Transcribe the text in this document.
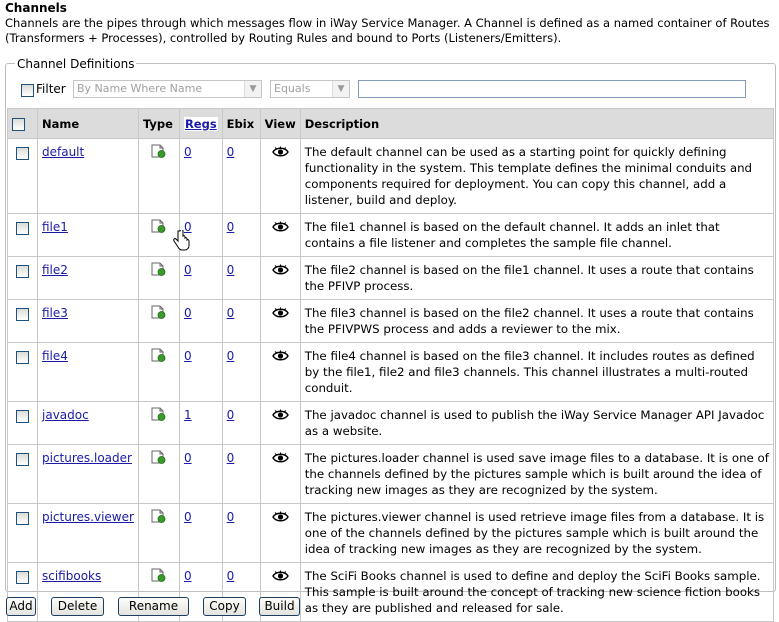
Channels
Channels are the pipes through which messages flow in iWay Service Manager. A Channel is defined as a named container of Routes (Transformers + Processes), controlled by Routing Rules and bound to Ports (Listeners/Emitters).
Channel Definitions
Filter	By Name Where Name	▼	Equals	▼
	Name	Type	Regs	Ebix	View	Description
	default		0	0		The default channel can be used as a starting point for quickly defining functionality in the system. This template defines the minimal conduits and components required for deployment. You can copy this channel, add a listener, build and deploy.
	file1		0	0		The file1 channel is based on the default channel. It adds an inlet that contains a file listener and completes the sample file channel.
	file2		0	0		The file2 channel is based on the file1 channel. It uses a route that contains the PFIVP process.
	file3		0	0		The file3 channel is based on the file2 channel. It uses a route that contains the PFIVPWS process and adds a reviewer to the mix.
	file4		0	0		The file4 channel is based on the file3 channel. It includes routes as defined by the file1, file2 and file3 channels. This channel illustrates a multi-routed conduit.
	javadoc		1	0		The javadoc channel is used to publish the iWay Service Manager API Javadoc as a website.
	pictures.loader		0	0		The pictures.loader channel is used save image files to a database. It is one of the channels defined by the pictures sample which is built around the idea of tracking new images as they are recognized by the system.
	pictures.viewer		0	0		The pictures.viewer channel is used retrieve image files from a database. It is one of the channels defined by the pictures sample which is built around the idea of tracking new images as they are recognized by the system.
	scifibooks		0	0		The SciFi Books channel is used to define and deploy the SciFi Books sample. This sample is built around the concept of tracking new science fiction books as they are published and released for sale.
Add	Delete	Rename	Copy	Build
